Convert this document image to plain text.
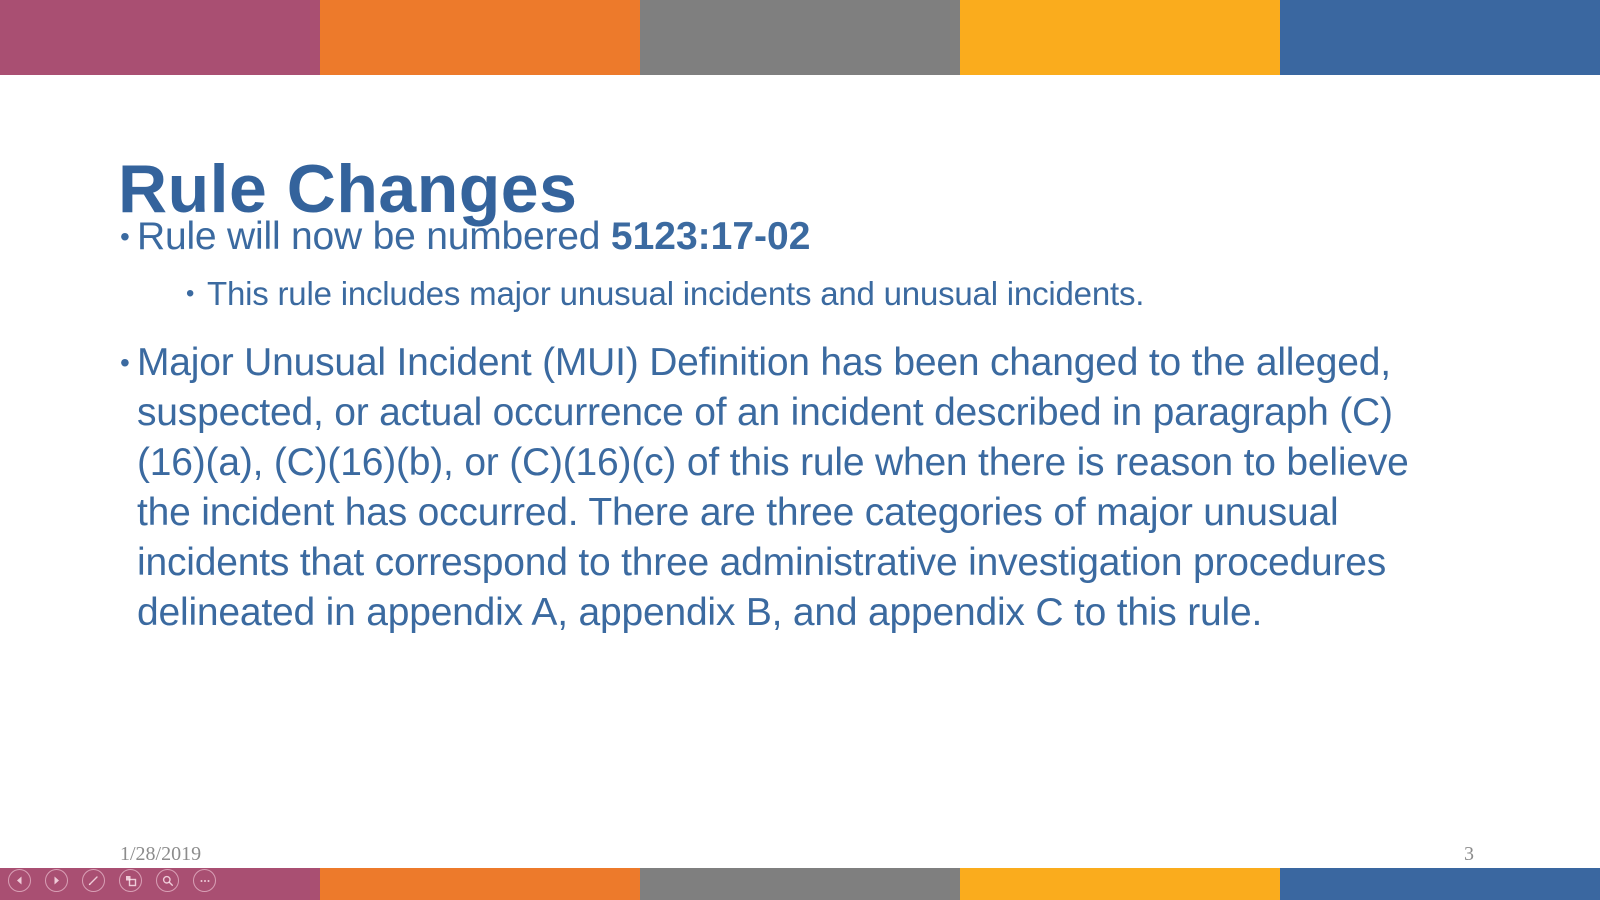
Rule Changes
• Rule will now be numbered 5123:17-02
• This rule includes major unusual incidents and unusual incidents.
• Major Unusual Incident (MUI) Definition has been changed to the alleged, suspected, or actual occurrence of an incident described in paragraph (C)(16)(a), (C)(16)(b), or (C)(16)(c) of this rule when there is reason to believe the incident has occurred. There are three categories of major unusual incidents that correspond to three administrative investigation procedures delineated in appendix A, appendix B, and appendix C to this rule.
1/28/2019	3
